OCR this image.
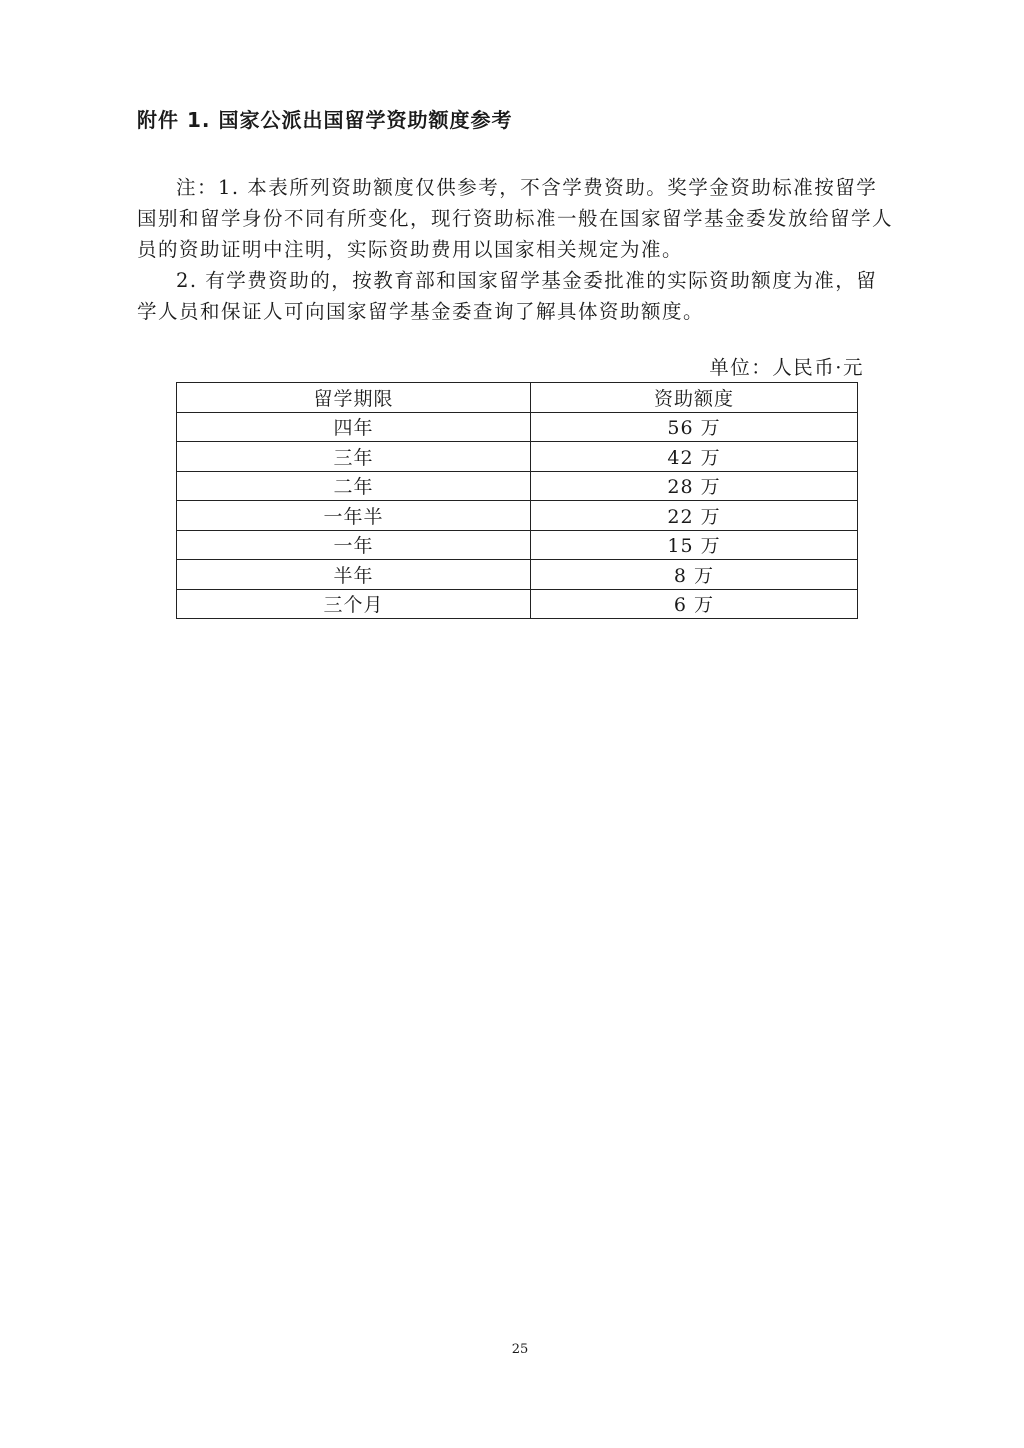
附件 1. 国家公派出国留学资助额度参考

注：1. 本表所列资助额度仅供参考，不含学费资助。奖学金资助标准按留学国别和留学身份不同有所变化，现行资助标准一般在国家留学基金委发放给留学人员的资助证明中注明，实际资助费用以国家相关规定为准。

2. 有学费资助的，按教育部和国家留学基金委批准的实际资助额度为准，留学人员和保证人可向国家留学基金委查询了解具体资助额度。

单位：人民币·元
留学期限	资助额度
四年	56 万
三年	42 万
二年	28 万
一年半	22 万
一年	15 万
半年	8 万
三个月	6 万
25
